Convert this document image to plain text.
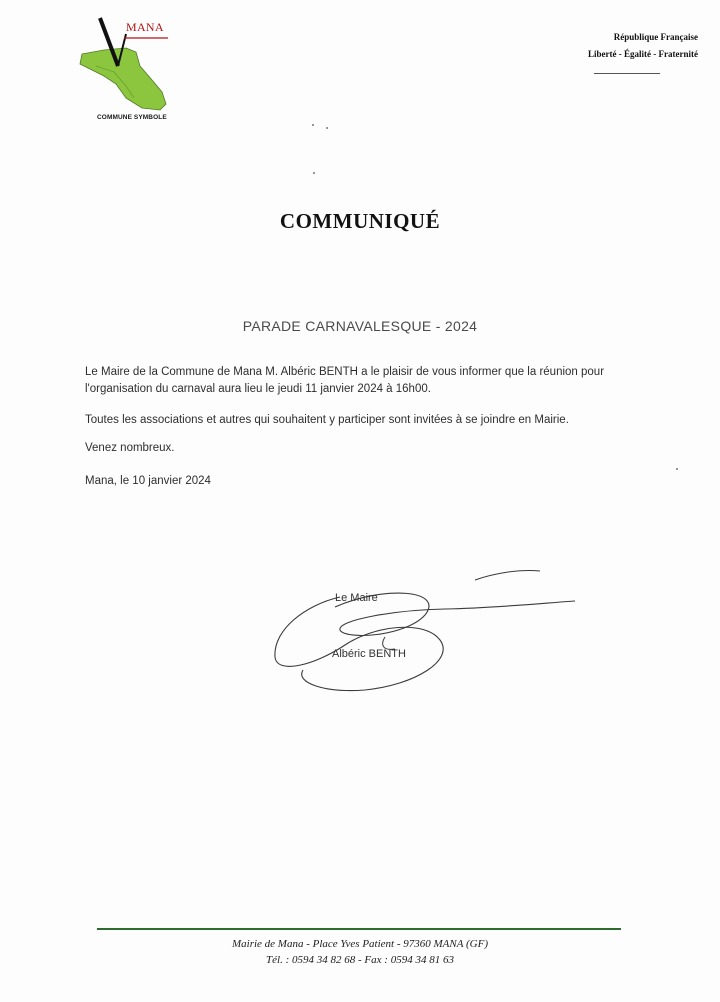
MANA
COMMUNE SYMBOLE
République Française
Liberté - Égalité - Fraternité
COMMUNIQUÉ
PARADE CARNAVALESQUE - 2024
Le Maire de la Commune de Mana M. Albéric BENTH a le plaisir de vous informer que la réunion pour l'organisation du carnaval aura lieu le jeudi 11 janvier 2024 à 16h00.
Toutes les associations et autres qui souhaitent y participer sont invitées à se joindre en Mairie.
Venez nombreux.
Mana, le 10 janvier 2024
Le Maire
Albéric BENTH
Mairie de Mana - Place Yves Patient - 97360 MANA (GF)
Tél. : 0594 34 82 68 - Fax : 0594 34 81 63
